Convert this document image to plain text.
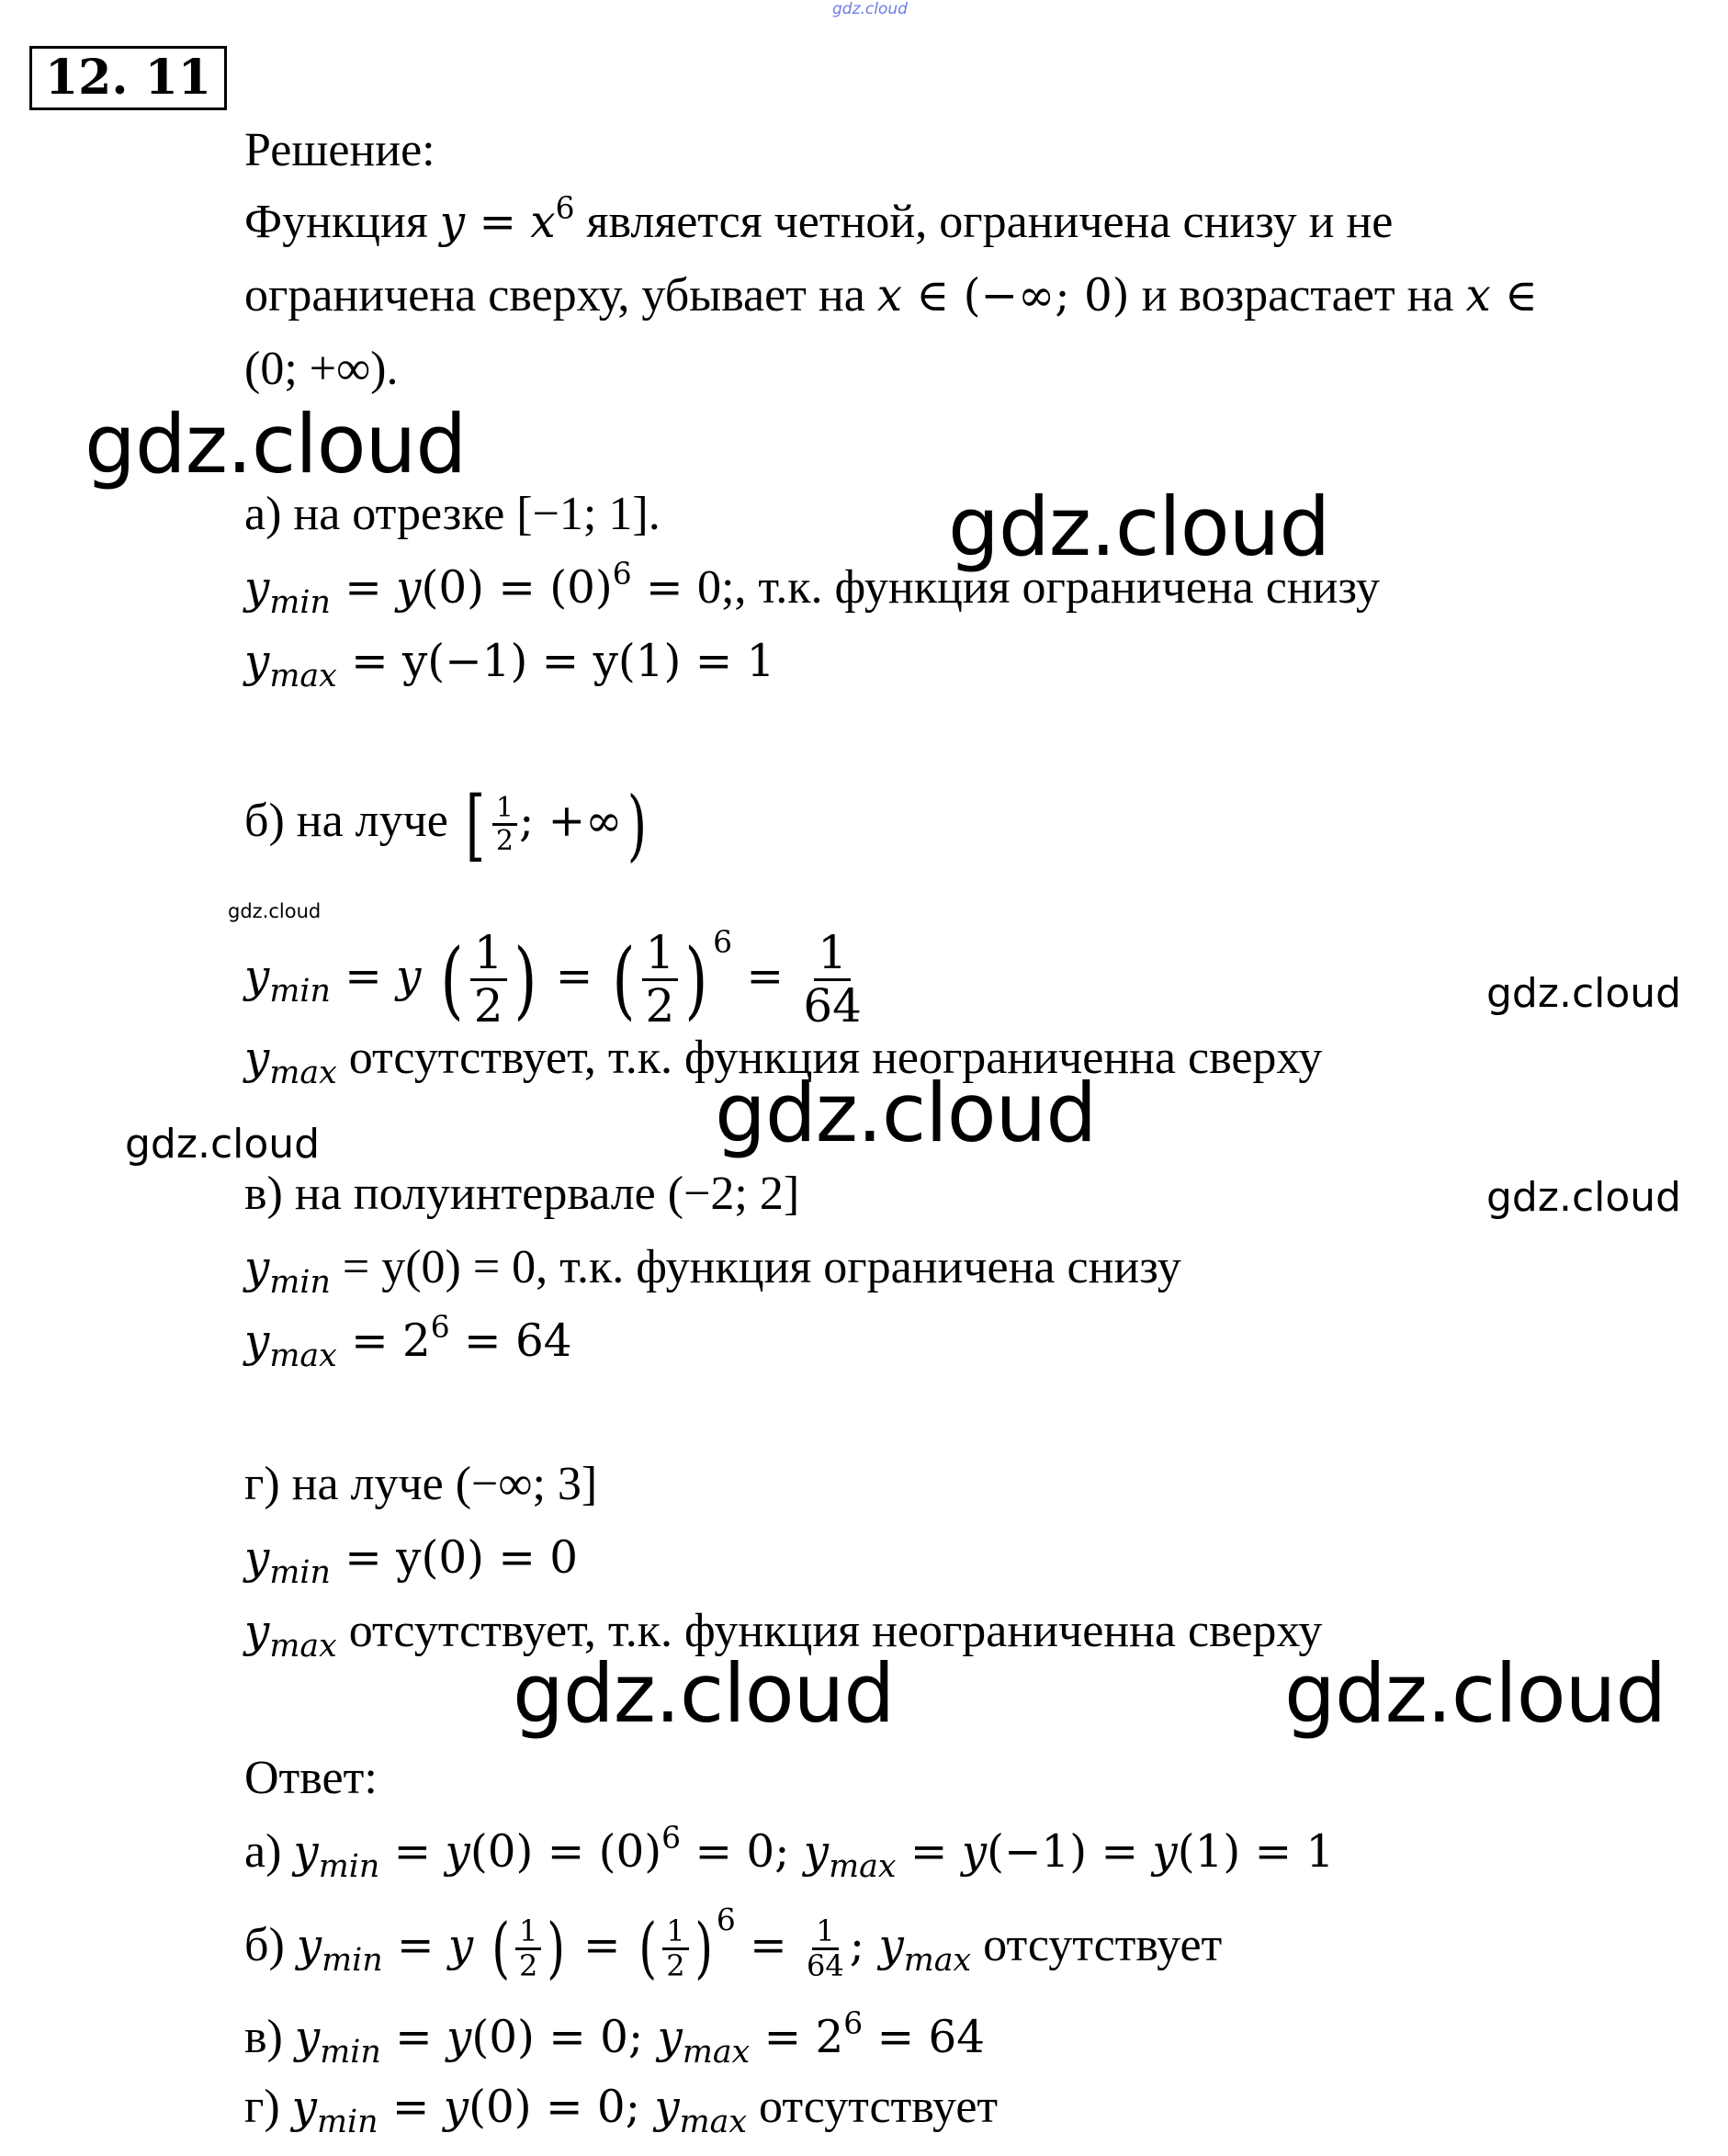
gdz.cloud
12. 11
Решение:
Функция $y = x^6$ является четной, ограничена снизу и не
ограничена сверху, убывает на x ∈ (−∞; 0) и возрастает на x ∈
(0; +∞).
gdz.cloud
gdz.cloud
а) на отрезке [−1; 1].
$y_{min} = y(0) = (0)^6 = 0$;, т.к. функция ограничена снизу
$y_{max} = y(-1) = y(1) = 1$
б) на луче [ $\frac{1}{2}$ ; +∞)
gdz.cloud
$y_{min} = y$ ( $\frac{1}{2}$ ) = ( $\frac{1}{2}$ ) $^6 = \frac{1}{64}$	gdz.cloud
$y_{max}$ отсутствует, т.к. функция неограниченна сверху
gdz.cloud
gdz.cloud
в) на полуинтервале (−2; 2]	gdz.cloud
$y_{min} = y(0) = 0$, т.к. функция ограничена снизу
$y_{max} = 2^6 = 64$
г) на луче (−∞; 3]
$y_{min} = y(0) = 0$
$y_{max}$ отсутствует, т.к. функция неограниченна сверху
gdz.cloud	gdz.cloud
Ответ:
а) $y_{min} = y(0) = (0)^6 = 0$; $y_{max} = y(-1) = y(1) = 1$
б) $y_{min} = y$ ( $\frac{1}{2}$ ) = ( $\frac{1}{2}$ ) $^6 = \frac{1}{64}$ ; $y_{max}$ отсутствует
в) $y_{min} = y(0) = 0$; $y_{max} = 2^6 = 64$
г) $y_{min} = y(0) = 0$; $y_{max}$ отсутствует
